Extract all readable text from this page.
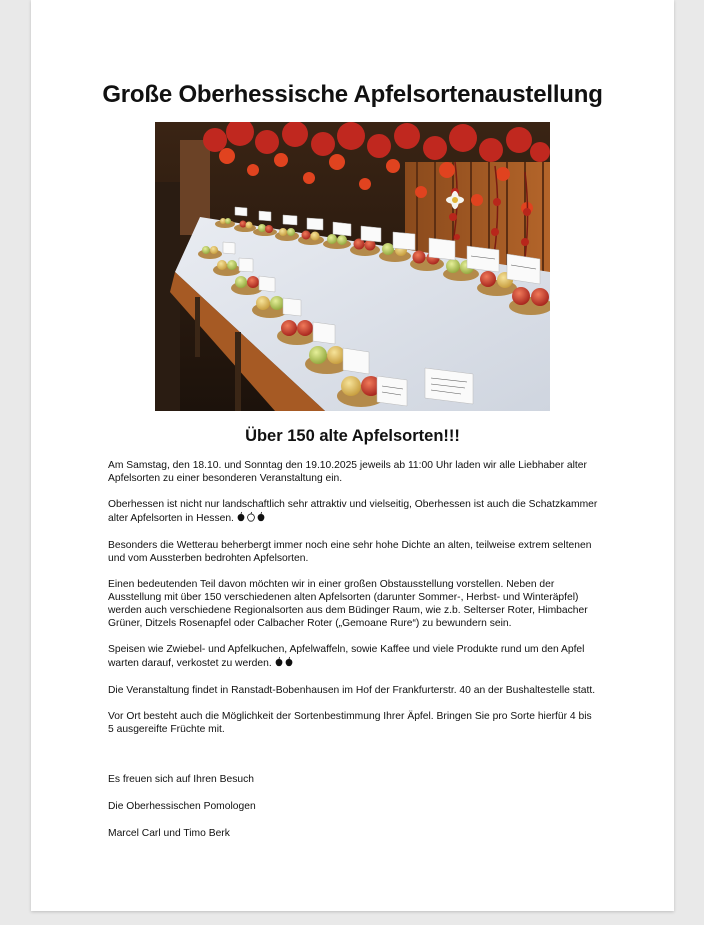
Große Oberhessische Apfelsortenaustellung
Über 150 alte Apfelsorten!!!

Am Samstag, den 18.10. und Sonntag den 19.10.2025 jeweils ab 11:00 Uhr laden wir alle Liebhaber alter Apfelsorten zu einer besonderen Veranstaltung ein.

Oberhessen ist nicht nur landschaftlich sehr attraktiv und vielseitig, Oberhessen ist auch die Schatzkammer alter Apfelsorten in Hessen.

Besonders die Wetterau beherbergt immer noch eine sehr hohe Dichte an alten, teilweise extrem seltenen und vom Aussterben bedrohten Apfelsorten.

Einen bedeutenden Teil davon möchten wir in einer großen Obstausstellung vorstellen. Neben der Ausstellung mit über 150 verschiedenen alten Apfelsorten (darunter Sommer-, Herbst- und Winteräpfel) werden auch verschiedene Regionalsorten aus dem Büdinger Raum, wie z.b. Selterser Roter, Himbacher Grüner, Ditzels Rosenapfel oder Calbacher Roter („Gemoane Rure“) zu bewundern sein.

Speisen wie Zwiebel- und Apfelkuchen, Apfelwaffeln, sowie Kaffee und viele Produkte rund um den Apfel warten darauf, verkostet zu werden.

Die Veranstaltung findet in Ranstadt-Bobenhausen im Hof der Frankfurterstr. 40 an der Bushaltestelle statt.

Vor Ort besteht auch die Möglichkeit der Sortenbestimmung Ihrer Äpfel. Bringen Sie pro Sorte hierfür 4 bis 5 ausgereifte Früchte mit.

Es freuen sich auf Ihren Besuch

Die Oberhessischen Pomologen

Marcel Carl und Timo Berk
